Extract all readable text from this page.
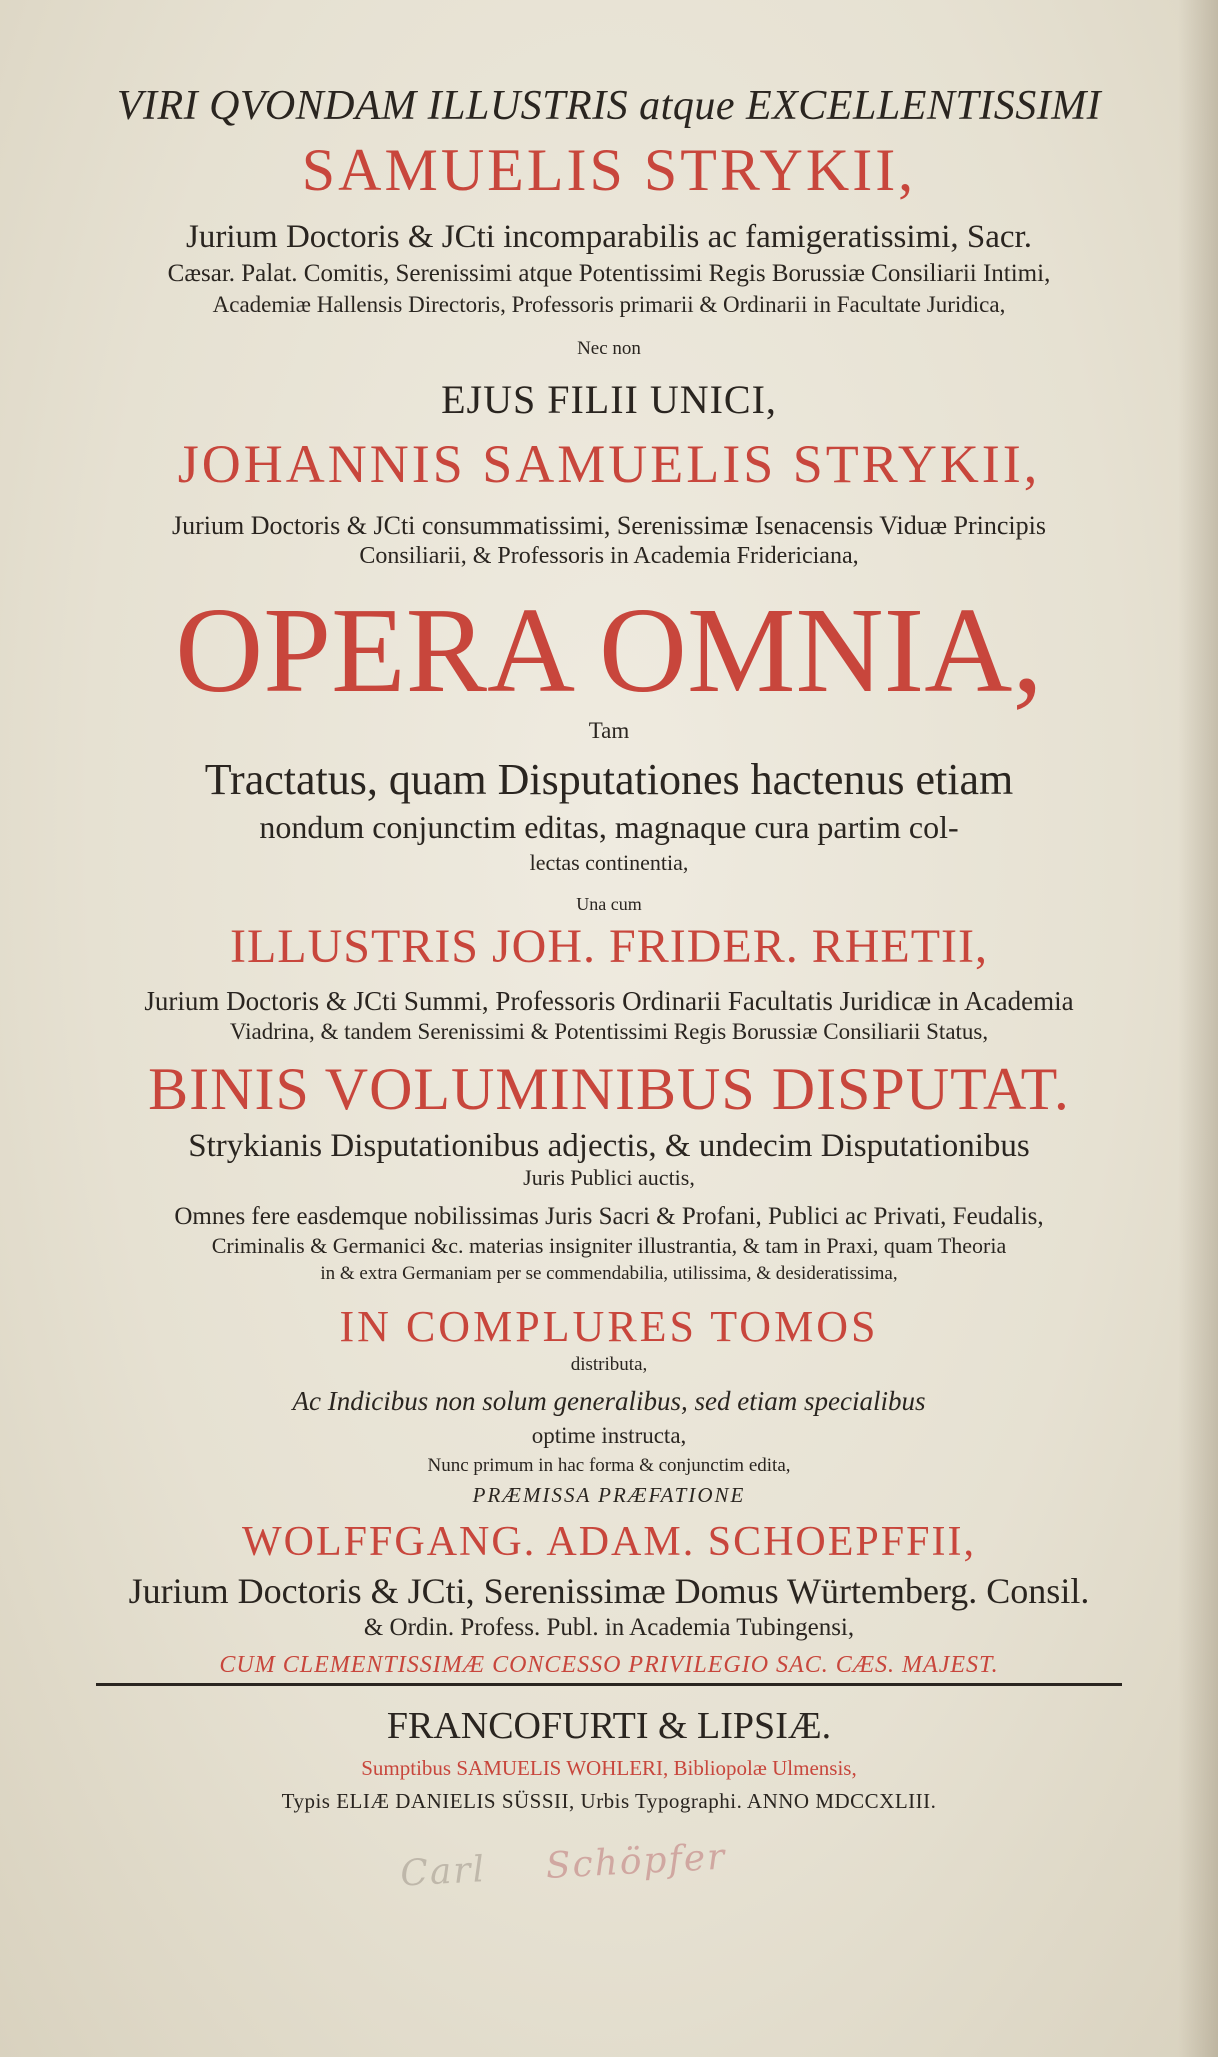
VIRI QVONDAM ILLUSTRIS atque EXCELLENTISSIMI
SAMUELIS STRYKII,
Jurium Doctoris & JCti incomparabilis ac famigeratissimi, Sacr.
Cæsar. Palat. Comitis, Serenissimi atque Potentissimi Regis Borussiæ Consiliarii Intimi,
Academiæ Hallensis Directoris, Professoris primarii & Ordinarii in Facultate Juridica,
Nec non
EJUS FILII UNICI,
JOHANNIS SAMUELIS STRYKII,
Jurium Doctoris & JCti consummatissimi, Serenissimæ Isenacensis Viduæ Principis
Consiliarii, & Professoris in Academia Fridericiana,
OPERA OMNIA,
Tam
Tractatus, quam Disputationes hactenus etiam
nondum conjunctim editas, magnaque cura partim col-
lectas continentia,
Una cum
ILLUSTRIS JOH. FRIDER. RHETII,
Jurium Doctoris & JCti Summi, Professoris Ordinarii Facultatis Juridicæ in Academia
Viadrina, & tandem Serenissimi & Potentissimi Regis Borussiæ Consiliarii Status,
BINIS VOLUMINIBUS DISPUTAT.
Strykianis Disputationibus adjectis, & undecim Disputationibus
Juris Publici auctis,
Omnes fere easdemque nobilissimas Juris Sacri & Profani, Publici ac Privati, Feudalis,
Criminalis & Germanici &c. materias insigniter illustrantia, & tam in Praxi, quam Theoria
in & extra Germaniam per se commendabilia, utilissima, & desideratissima,
IN COMPLURES TOMOS
distributa,
Ac Indicibus non solum generalibus, sed etiam specialibus
optime instructa,
Nunc primum in hac forma & conjunctim edita,
PRÆMISSA PRÆFATIONE
WOLFFGANG. ADAM. SCHOEPFFII,
Jurium Doctoris & JCti, Serenissimæ Domus Würtemberg. Consil.
& Ordin. Profess. Publ. in Academia Tubingensi,
CUM CLEMENTISSIMÆ CONCESSO PRIVILEGIO SAC. CÆS. MAJEST.
FRANCOFURTI & LIPSIÆ.
Sumptibus SAMUELIS WOHLERI, Bibliopolæ Ulmensis,
Typis ELIÆ DANIELIS SÜSSII, Urbis Typographi. ANNO MDCCXLIII.
Carl Schöpfer
